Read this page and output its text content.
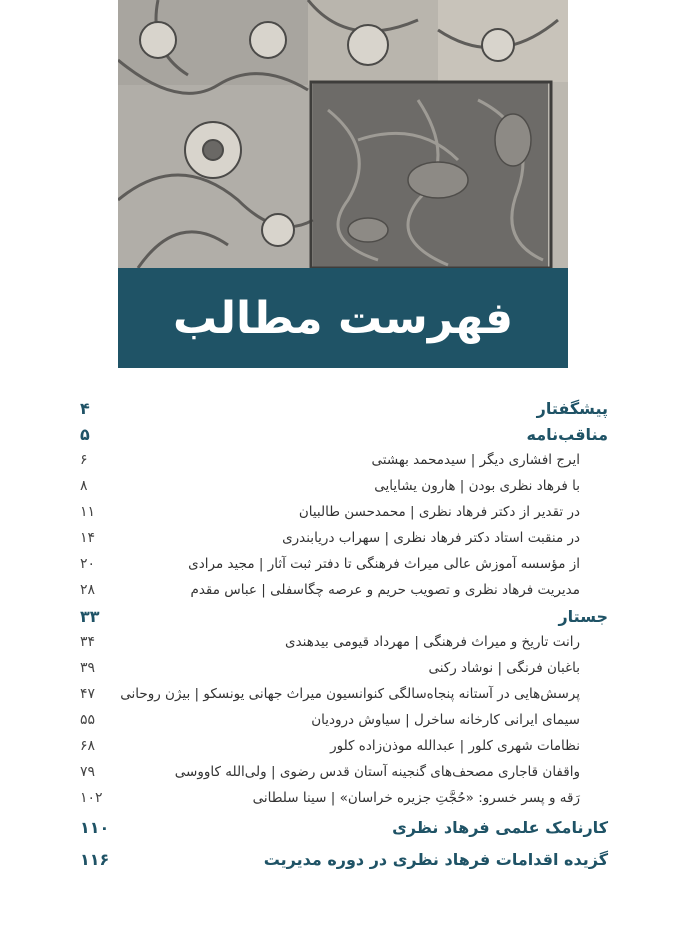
فهرست مطالب
پیشگفتار
۴
مناقب‌نامه
۵
ایرج افشاری دیگر | سیدمحمد بهشتی
۶
با فرهاد نظری بودن | هارون یشایایی
۸
در تقدیر از دکتر فرهاد نظری | محمدحسن طالبیان
۱۱
در منقبت استاد دکتر فرهاد نظری | سهراب دریابندری
۱۴
از مؤسسه آموزش عالی میراث فرهنگی تا دفتر ثبت آثار | مجید مرادی
۲۰
مدیریت فرهاد نظری و تصویب حریم و عرصه چگاسفلی | عباس مقدم
۲۸
جستار
۳۳
رانت تاریخ و میراث فرهنگی | مهرداد قیومی بیدهندی
۳۴
باغبان فرنگی | نوشاد رکنی
۳۹
پرسش‌هایی در آستانه پنجاه‌سالگی کنوانسیون میراث جهانی یونسکو | بیژن روحانی
۴۷
سیمای ایرانی کارخانه ساخرل | سیاوش درودیان
۵۵
نظامات شهری کلور | عبدالله موذن‌زاده کلور
۶۸
واقفان قاجاری مصحف‌های گنجینه آستان قدس رضوی | ولی‌الله کاووسی
۷۹
رَقه و پسر خسرو: «حُجَّتِ جزیره خراسان» | سینا سلطانی
۱۰۲
کارنامک علمی فرهاد نظری
۱۱۰
گزیده اقدامات فرهاد نظری در دوره مدیریت
۱۱۶
